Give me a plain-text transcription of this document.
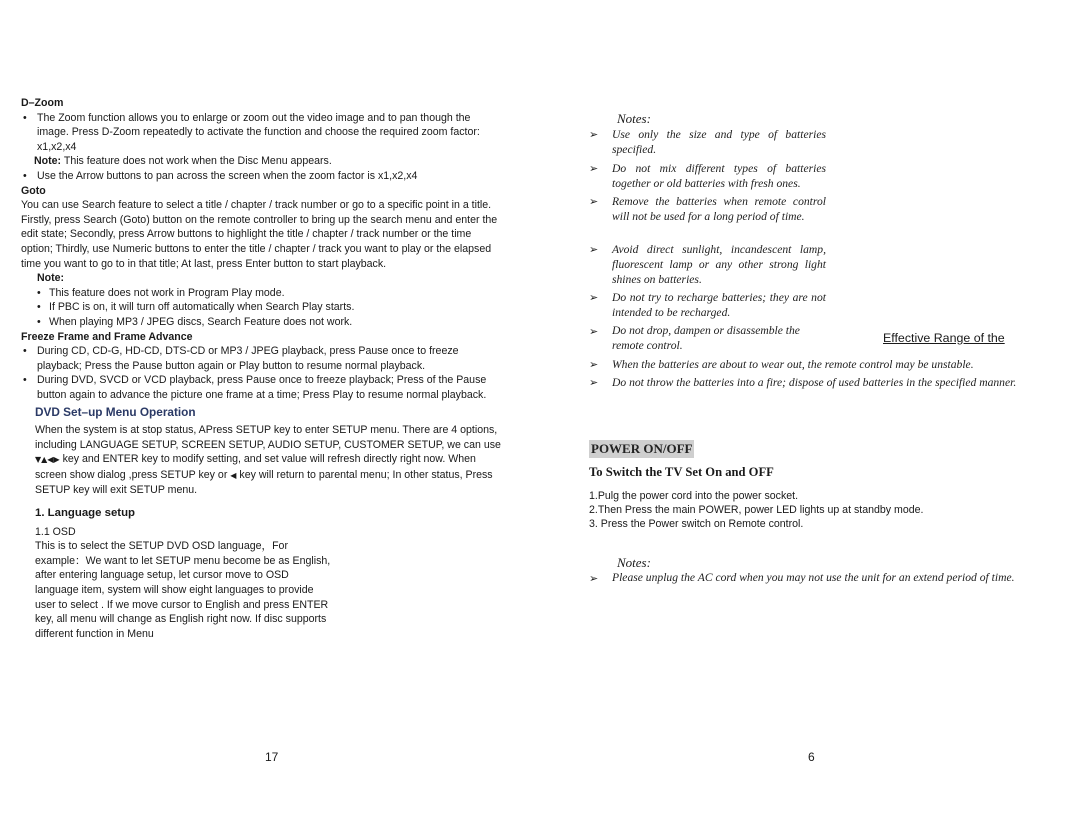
D–Zoom

• The Zoom function allows you to enlarge or zoom out the video image and to pan though the image. Press D-Zoom repeatedly to activate the function and choose the required zoom factor: x1,x2,x4

Note: This feature does not work when the Disc Menu appears.

• Use the Arrow buttons to pan across the screen when the zoom factor is x1,x2,x4

Goto

You can use Search feature to select a title / chapter / track number or go to a specific point in a title. Firstly, press Search (Goto) button on the remote controller to bring up the search menu and enter the edit state; Secondly, press Arrow buttons to highlight the title / chapter / track number or the time option; Thirdly, use Numeric buttons to enter the title / chapter / track you want to play or the elapsed time you want to go to in that title; At last, press Enter button to start playback.

Note:

• This feature does not work in Program Play mode.

• If PBC is on, it will turn off automatically when Search Play starts.

• When playing MP3 / JPEG discs, Search Feature does not work.

Freeze Frame and Frame Advance

• During CD, CD-G, HD-CD, DTS-CD or MP3 / JPEG playback, press Pause once to freeze playback; Press the Pause button again or Play button to resume normal playback.

• During DVD, SVCD or VCD playback, press Pause once to freeze playback; Press of the Pause button again to advance the picture one frame at a time; Press Play to resume normal playback.

DVD Set–up Menu Operation

When the system is at stop status, APress SETUP key to enter SETUP menu. There are 4 options, including LANGUAGE SETUP, SCREEN SETUP, AUDIO SETUP, CUSTOMER SETUP, we can use ▼▲◀▶ key and ENTER key to modify setting, and set value will refresh directly right now. When screen show dialog ,press SETUP key or ◀ key will return to parental menu; In other status, Press SETUP key will exit SETUP menu.

1. Language setup

1.1 OSD

This is to select the SETUP DVD OSD language，For example：We want to let SETUP menu become be as English, after entering language setup, let cursor move to OSD language item, system will show eight languages to provide user to select . If we move cursor to English and press ENTER key, all menu will change as English right now. If disc supports different function in Menu

17
Notes:
➢ Use only the size and type of batteries specified.
➢ Do not mix different types of batteries together or old batteries with fresh ones.
➢ Remove the batteries when remote control will not be used for a long period of time.
➢ Avoid direct sunlight, incandescent lamp, fluorescent lamp or any other strong light shines on batteries.
➢ Do not try to recharge batteries; they are not intended to be recharged.
➢ Do not drop, dampen or disassemble the remote control.
Effective Range of the
➢ When the batteries are about to wear out, the remote control may be unstable.
➢ Do not throw the batteries into a fire; dispose of used batteries in the specified manner.
POWER ON/OFF
To Switch the TV Set On and OFF
1.Pulg the power cord into the power socket.
2.Then Press the main POWER, power LED lights up at standby mode.
3. Press the Power switch on Remote control.
Notes:
➢ Please unplug the AC cord when you may not use the unit for an extend period of time.
6
